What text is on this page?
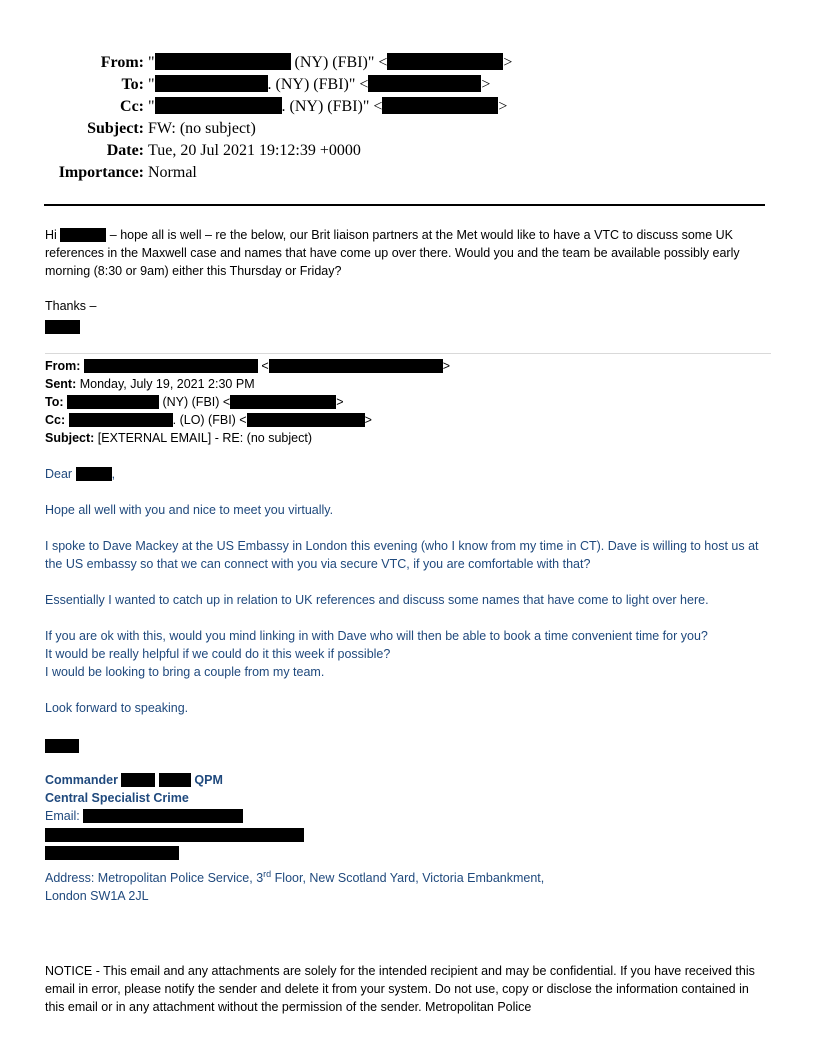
From: "	(NY) (FBI)" <	>
To: "	. (NY) (FBI)" <	>
Cc: "	. (NY) (FBI)" <	>
Subject: FW: (no subject)
Date: Tue, 20 Jul 2021 19:12:39 +0000
Importance: Normal
Hi	– hope all is well – re the below, our Brit liaison partners at the Met would like to have a VTC to discuss some UK references in the Maxwell case and names that have come up over there. Would you and the team be available possibly early morning (8:30 or 9am) either this Thursday or Friday?
Thanks –
From:	<	>
Sent: Monday, July 19, 2021 2:30 PM
To:	(NY) (FBI) <	>
Cc:	. (LO) (FBI) <	>
Subject: [EXTERNAL EMAIL] - RE: (no subject)
Dear	,

Hope all well with you and nice to meet you virtually.

I spoke to Dave Mackey at the US Embassy in London this evening (who I know from my time in CT). Dave is willing to host us at the US embassy so that we can connect with you via secure VTC, if you are comfortable with that?

Essentially I wanted to catch up in relation to UK references and discuss some names that have come to light over here.

If you are ok with this, would you mind linking in with Dave who will then be able to book a time convenient time for you?
It would be really helpful if we could do it this week if possible?
I would be looking to bring a couple from my team.

Look forward to speaking.

Commander	QPM
Central Specialist Crime
Email:
Address: Metropolitan Police Service, 3rd Floor, New Scotland Yard, Victoria Embankment,
London SW1A 2JL
NOTICE - This email and any attachments are solely for the intended recipient and may be confidential. If you have received this email in error, please notify the sender and delete it from your system. Do not use, copy or disclose the information contained in this email or in any attachment without the permission of the sender. Metropolitan Police
